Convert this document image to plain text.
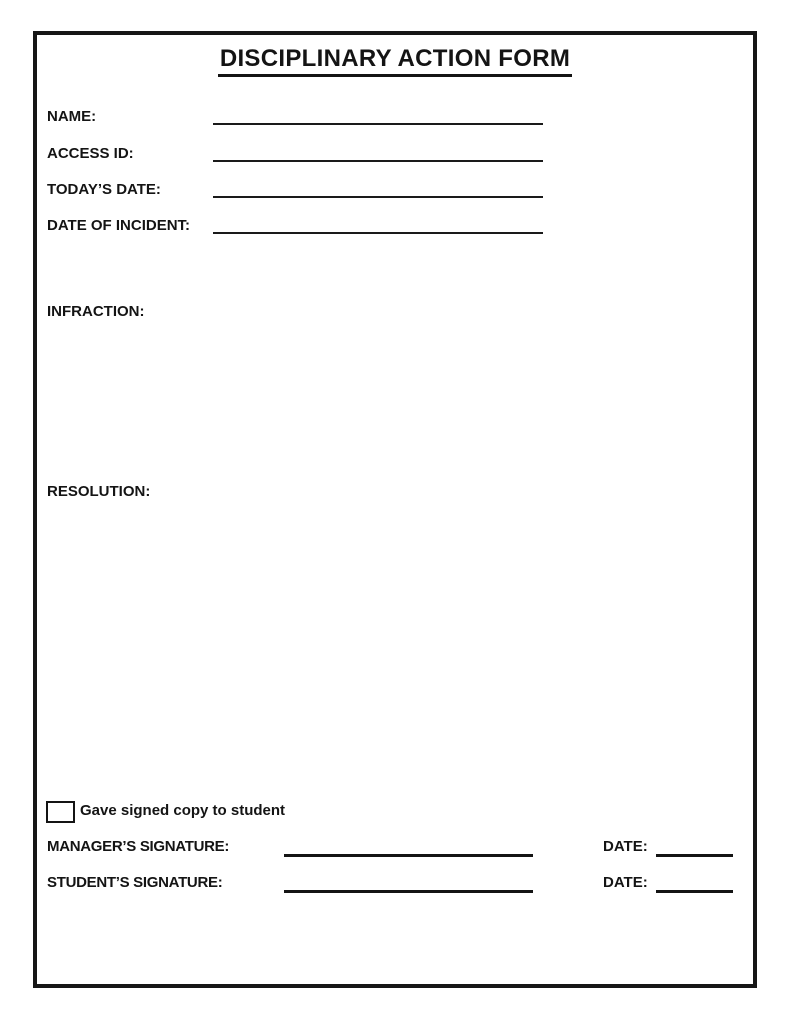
DISCIPLINARY ACTION FORM
NAME:
ACCESS ID:
TODAY’S DATE:
DATE OF INCIDENT:
INFRACTION:
RESOLUTION:
Gave signed copy to student
MANAGER’S SIGNATURE:	DATE:
STUDENT’S SIGNATURE:	DATE:
